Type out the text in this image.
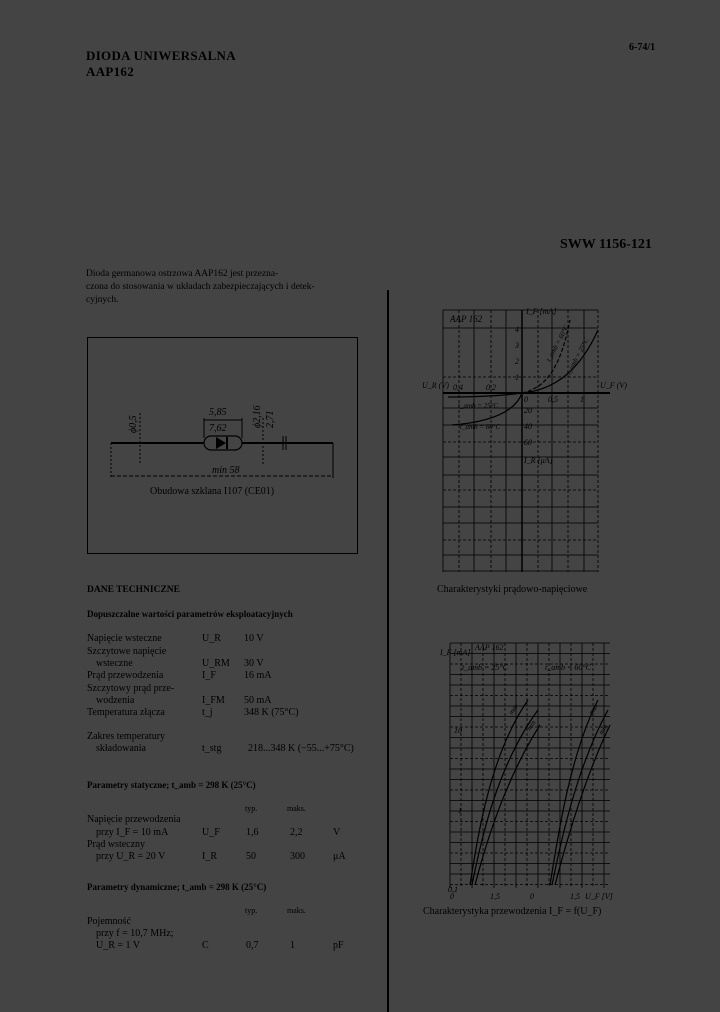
DIODA UNIWERSALNA
AAP162
6-74/1
SWW 1156-121
Dioda germanowa ostrzowa AAP162 jest przezna-
czona do stosowania w układach zabezpieczających i detek-
cyjnych.
5,85
7,62
ϕ0,5	ϕ2,16 2,71
min 58
Obudowa szklana I107 (CE01)
DANE TECHNICZNE
Dopuszczalne wartości parametrów eksploatacyjnych
Napięcie wsteczne	U_R 10 V
Szczytowe napięcie
wsteczne	U_RM 30 V
Prąd przewodzenia	I_F	16 mA
Szczytowy prąd prze-
wodzenia	I_FM 50 mA
Temperatura złącza	t_j	348 K (75°C)
Zakres temperatury
składowania	t_stg	218...348 K (−55...+75°C)
Parametry statyczne; t_amb = 298 K (25°C)
typ.	maks.
Napięcie przewodzenia
przy I_F = 10 mA	U_F	1,6	2,2	V
Prąd wsteczny
przy U_R = 20 V	I_R	50	300	μA
Parametry dynamiczne; t_amb = 298 K (25°C)
typ.	maks.
Pojemność
przy f = 10,7 MHz;
U_R = 1 V	C	0,7	1	pF
AAP 162
I_F [mA]
4
3
2
1
U_R (V) 0,4	0,2
0	0,5	1
U_F (V)
20
40
60
I_R [μA]
t_amb = 60°C
t_amb = 25°C
t_amb = 25°C
t_amb = 60°C
Charakterystyki prądowo-napięciowe
AAP 162
I_F [mA]
10
1
0,1
0	1,5	0	1,5 U_F [V]
t_amb = 25°C	t_amb = 60°C
max
min
max
min
Charakterystyka przewodzenia I_F = f(U_F)
